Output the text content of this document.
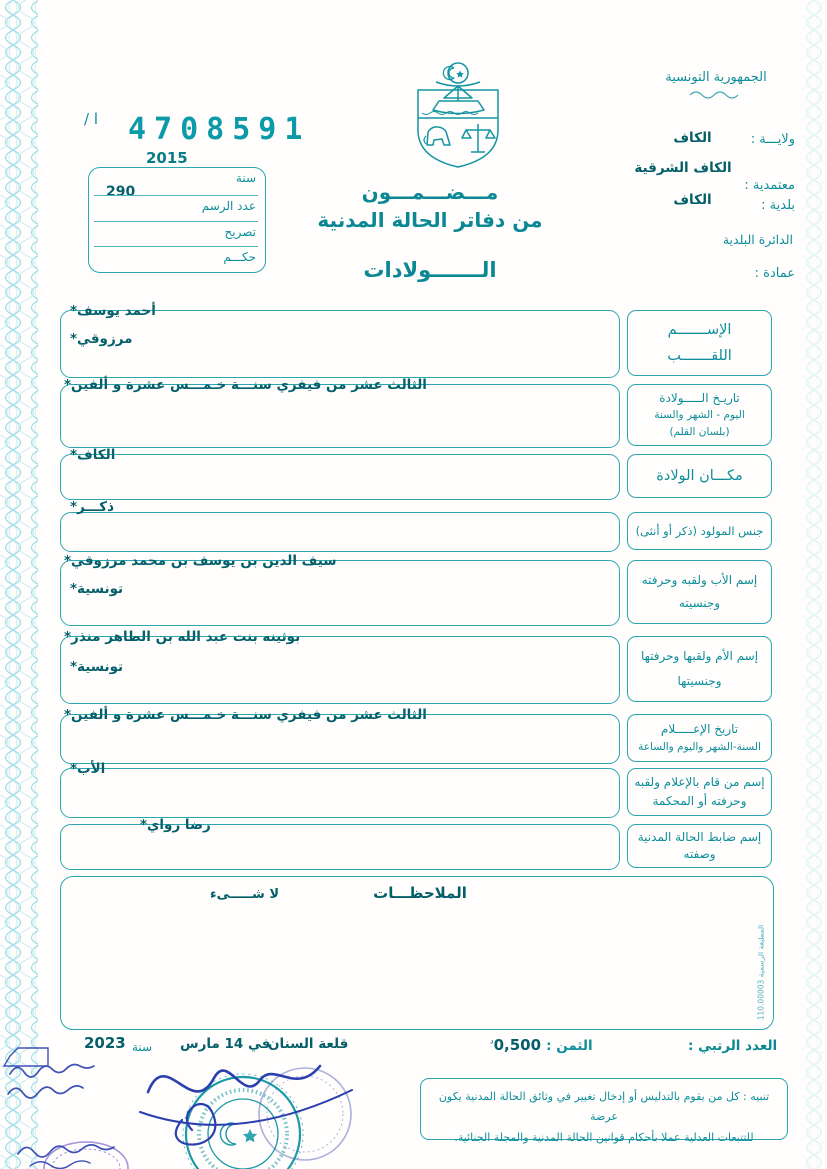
الجمهورية التونسية
ا / 4708591
2015
ولايـــة :
الكاف
الكاف الشرقية
معتمدية :
الكاف	بلدية :
الدائرة البلدية
عمادة :
سنة
290
عدد الرسم
تصريح
حكـــم
مـــضـــمـــون
من دفاتر الحالة المدنية
الـــــــولادات
الإســـــــم
اللقـــــــب
أحمد يوسف*
مرزوقي*
تاريـخ الـــــولادة
اليوم - الشهر والسنة
(بلسان القلم)
الثالث عشر من فيفري سنـــة خـمـــس عشرة و ألفين*
مكـــان الولادة
الكاف*
جنس المولود (ذكر أو أنثى)
ذكـــر*
إسم الأب ولقبه وحرفته
وجنسيته
سيف الدين بن يوسف بن محمد مرزوقي*
تونسية*
إسم الأم ولقبها وحرفتها
وجنسيتها
بوثينه بنت عبد الله بن الطاهر منذر*
تونسية*
تاريخ الإعـــــلام
السنة-الشهر واليوم والساعة
الثالث عشر من فيفري سنـــة خـمـــس عشرة و ألفين*
إسم من قام بالإعلام ولقبه
وحرفته أو المحكمة
الأب*
إسم ضابط الحالة المدنية
وصفته
رضا رواي*
الملاحظـــات
لا شـــــىء
المطبعة الرسمية 110.00003
العدد الرتبي :
الثمن : $0,500^د$
قلعة السنان
في 14 مارس
سنة
2023
تنبيه : كل من يقوم بالتدليس أو إدخال تغيير في وثائق الحالة المدنية يكون عرضة
للتتبعات العدلية عملا بأحكام قوانين الحالة المدنية والمجلة الجنائية.
